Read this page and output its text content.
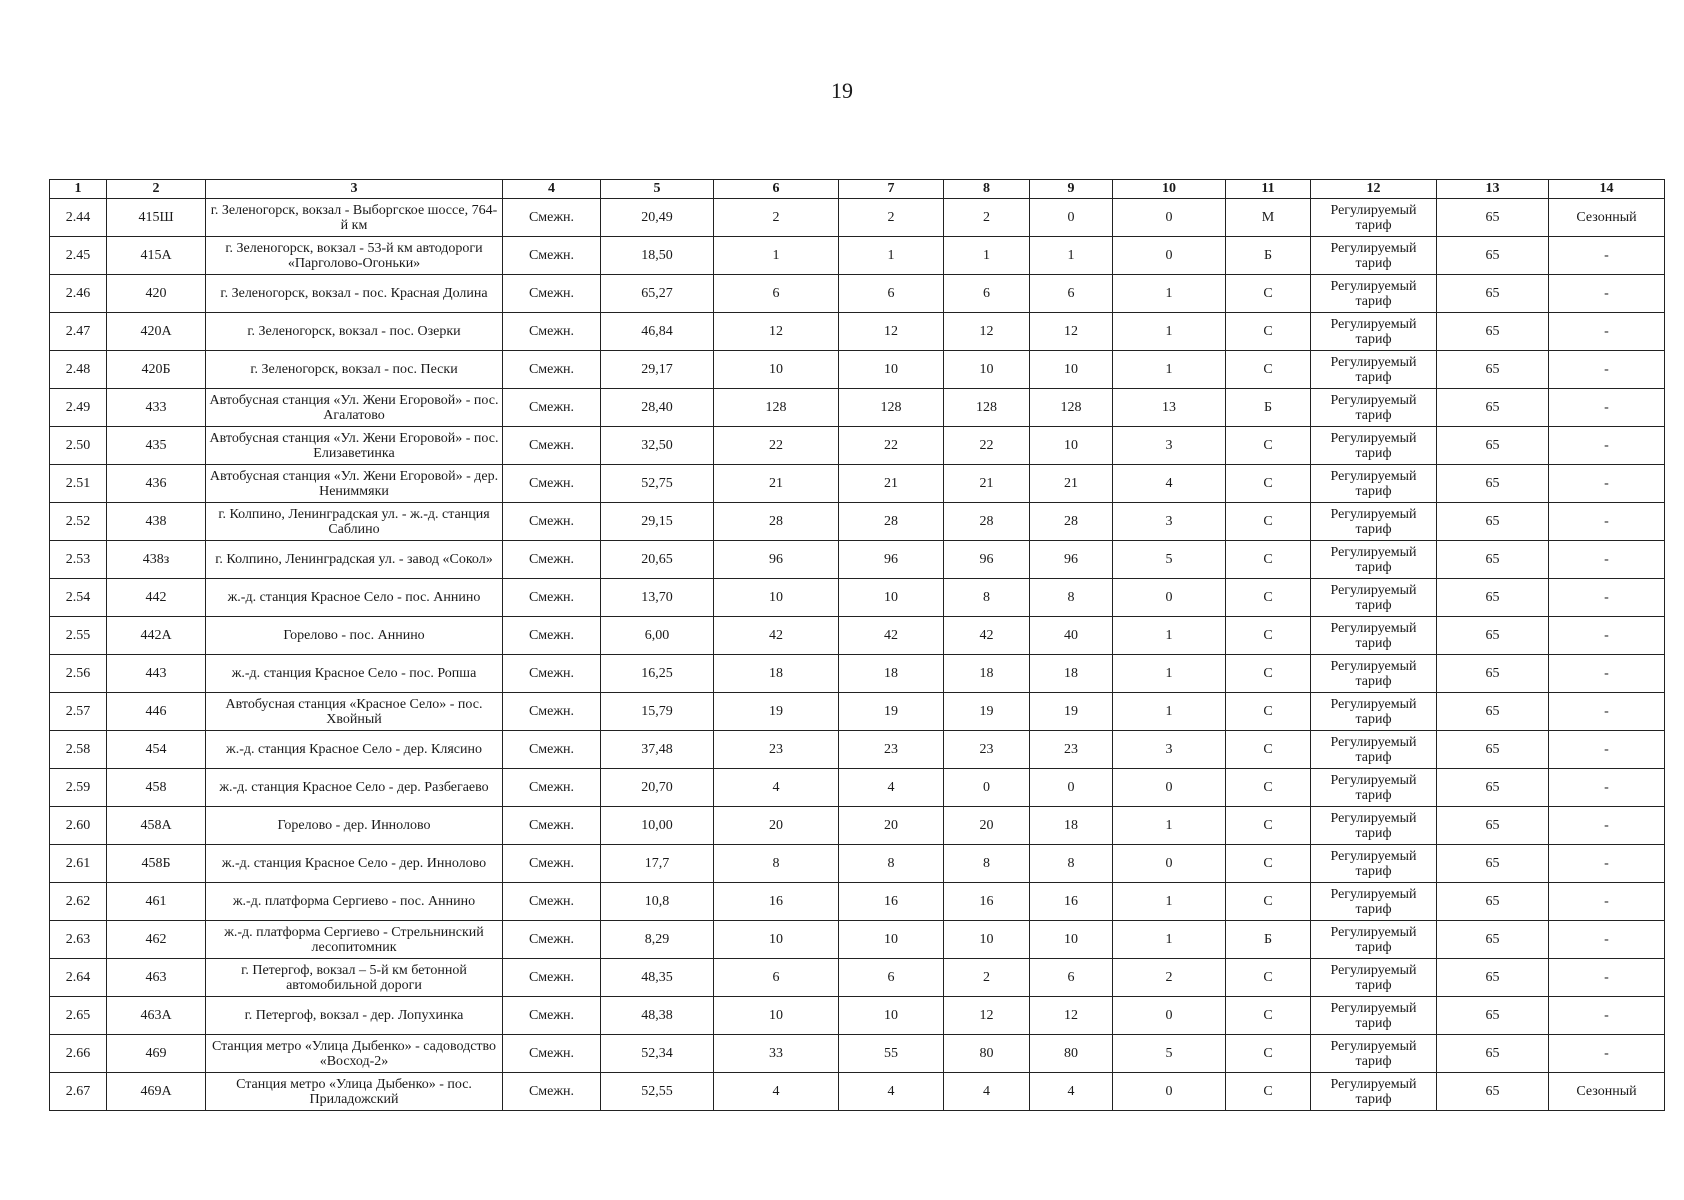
19
1	2	3	4	5	6	7	8	9	10	11	12	13	14
2.44	415Ш	г. Зеленогорск, вокзал - Выборгское шоссе, 764-й км	Смежн.	20,49	2	2	2	0	0	М	Регулируемый тариф	65	Сезонный
2.45	415А	г. Зеленогорск, вокзал - 53-й км автодороги «Парголово-Огоньки»	Смежн.	18,50	1	1	1	1	0	Б	Регулируемый тариф	65	-
2.46	420	г. Зеленогорск, вокзал - пос. Красная Долина	Смежн.	65,27	6	6	6	6	1	С	Регулируемый тариф	65	-
2.47	420А	г. Зеленогорск, вокзал - пос. Озерки	Смежн.	46,84	12	12	12	12	1	С	Регулируемый тариф	65	-
2.48	420Б	г. Зеленогорск, вокзал - пос. Пески	Смежн.	29,17	10	10	10	10	1	С	Регулируемый тариф	65	-
2.49	433	Автобусная станция «Ул. Жени Егоровой» - пос. Агалатово	Смежн.	28,40	128	128	128	128	13	Б	Регулируемый тариф	65	-
2.50	435	Автобусная станция «Ул. Жени Егоровой» - пос. Елизаветинка	Смежн.	32,50	22	22	22	10	3	С	Регулируемый тариф	65	-
2.51	436	Автобусная станция «Ул. Жени Егоровой» - дер. Нениммяки	Смежн.	52,75	21	21	21	21	4	С	Регулируемый тариф	65	-
2.52	438	г. Колпино, Ленинградская ул. - ж.-д. станция Саблино	Смежн.	29,15	28	28	28	28	3	С	Регулируемый тариф	65	-
2.53	438з	г. Колпино, Ленинградская ул. - завод «Сокол»	Смежн.	20,65	96	96	96	96	5	С	Регулируемый тариф	65	-
2.54	442	ж.-д. станция Красное Село - пос. Аннино	Смежн.	13,70	10	10	8	8	0	С	Регулируемый тариф	65	-
2.55	442А	Горелово - пос. Аннино	Смежн.	6,00	42	42	42	40	1	С	Регулируемый тариф	65	-
2.56	443	ж.-д. станция Красное Село - пос. Ропша	Смежн.	16,25	18	18	18	18	1	С	Регулируемый тариф	65	-
2.57	446	Автобусная станция «Красное Село» - пос. Хвойный	Смежн.	15,79	19	19	19	19	1	С	Регулируемый тариф	65	-
2.58	454	ж.-д. станция Красное Село - дер. Клясино	Смежн.	37,48	23	23	23	23	3	С	Регулируемый тариф	65	-
2.59	458	ж.-д. станция Красное Село - дер. Разбегаево	Смежн.	20,70	4	4	0	0	0	С	Регулируемый тариф	65	-
2.60	458А	Горелово - дер. Иннолово	Смежн.	10,00	20	20	20	18	1	С	Регулируемый тариф	65	-
2.61	458Б	ж.-д. станция Красное Село - дер. Иннолово	Смежн.	17,7	8	8	8	8	0	С	Регулируемый тариф	65	-
2.62	461	ж.-д. платформа Сергиево - пос. Аннино	Смежн.	10,8	16	16	16	16	1	С	Регулируемый тариф	65	-
2.63	462	ж.-д. платформа Сергиево - Стрельнинский лесопитомник	Смежн.	8,29	10	10	10	10	1	Б	Регулируемый тариф	65	-
2.64	463	г. Петергоф, вокзал – 5-й км бетонной автомобильной дороги	Смежн.	48,35	6	6	2	6	2	С	Регулируемый тариф	65	-
2.65	463А	г. Петергоф, вокзал - дер. Лопухинка	Смежн.	48,38	10	10	12	12	0	С	Регулируемый тариф	65	-
2.66	469	Станция метро «Улица Дыбенко» - садоводство «Восход-2»	Смежн.	52,34	33	55	80	80	5	С	Регулируемый тариф	65	-
2.67	469А	Станция метро «Улица Дыбенко» - пос. Приладожский	Смежн.	52,55	4	4	4	4	0	С	Регулируемый тариф	65	Сезонный
